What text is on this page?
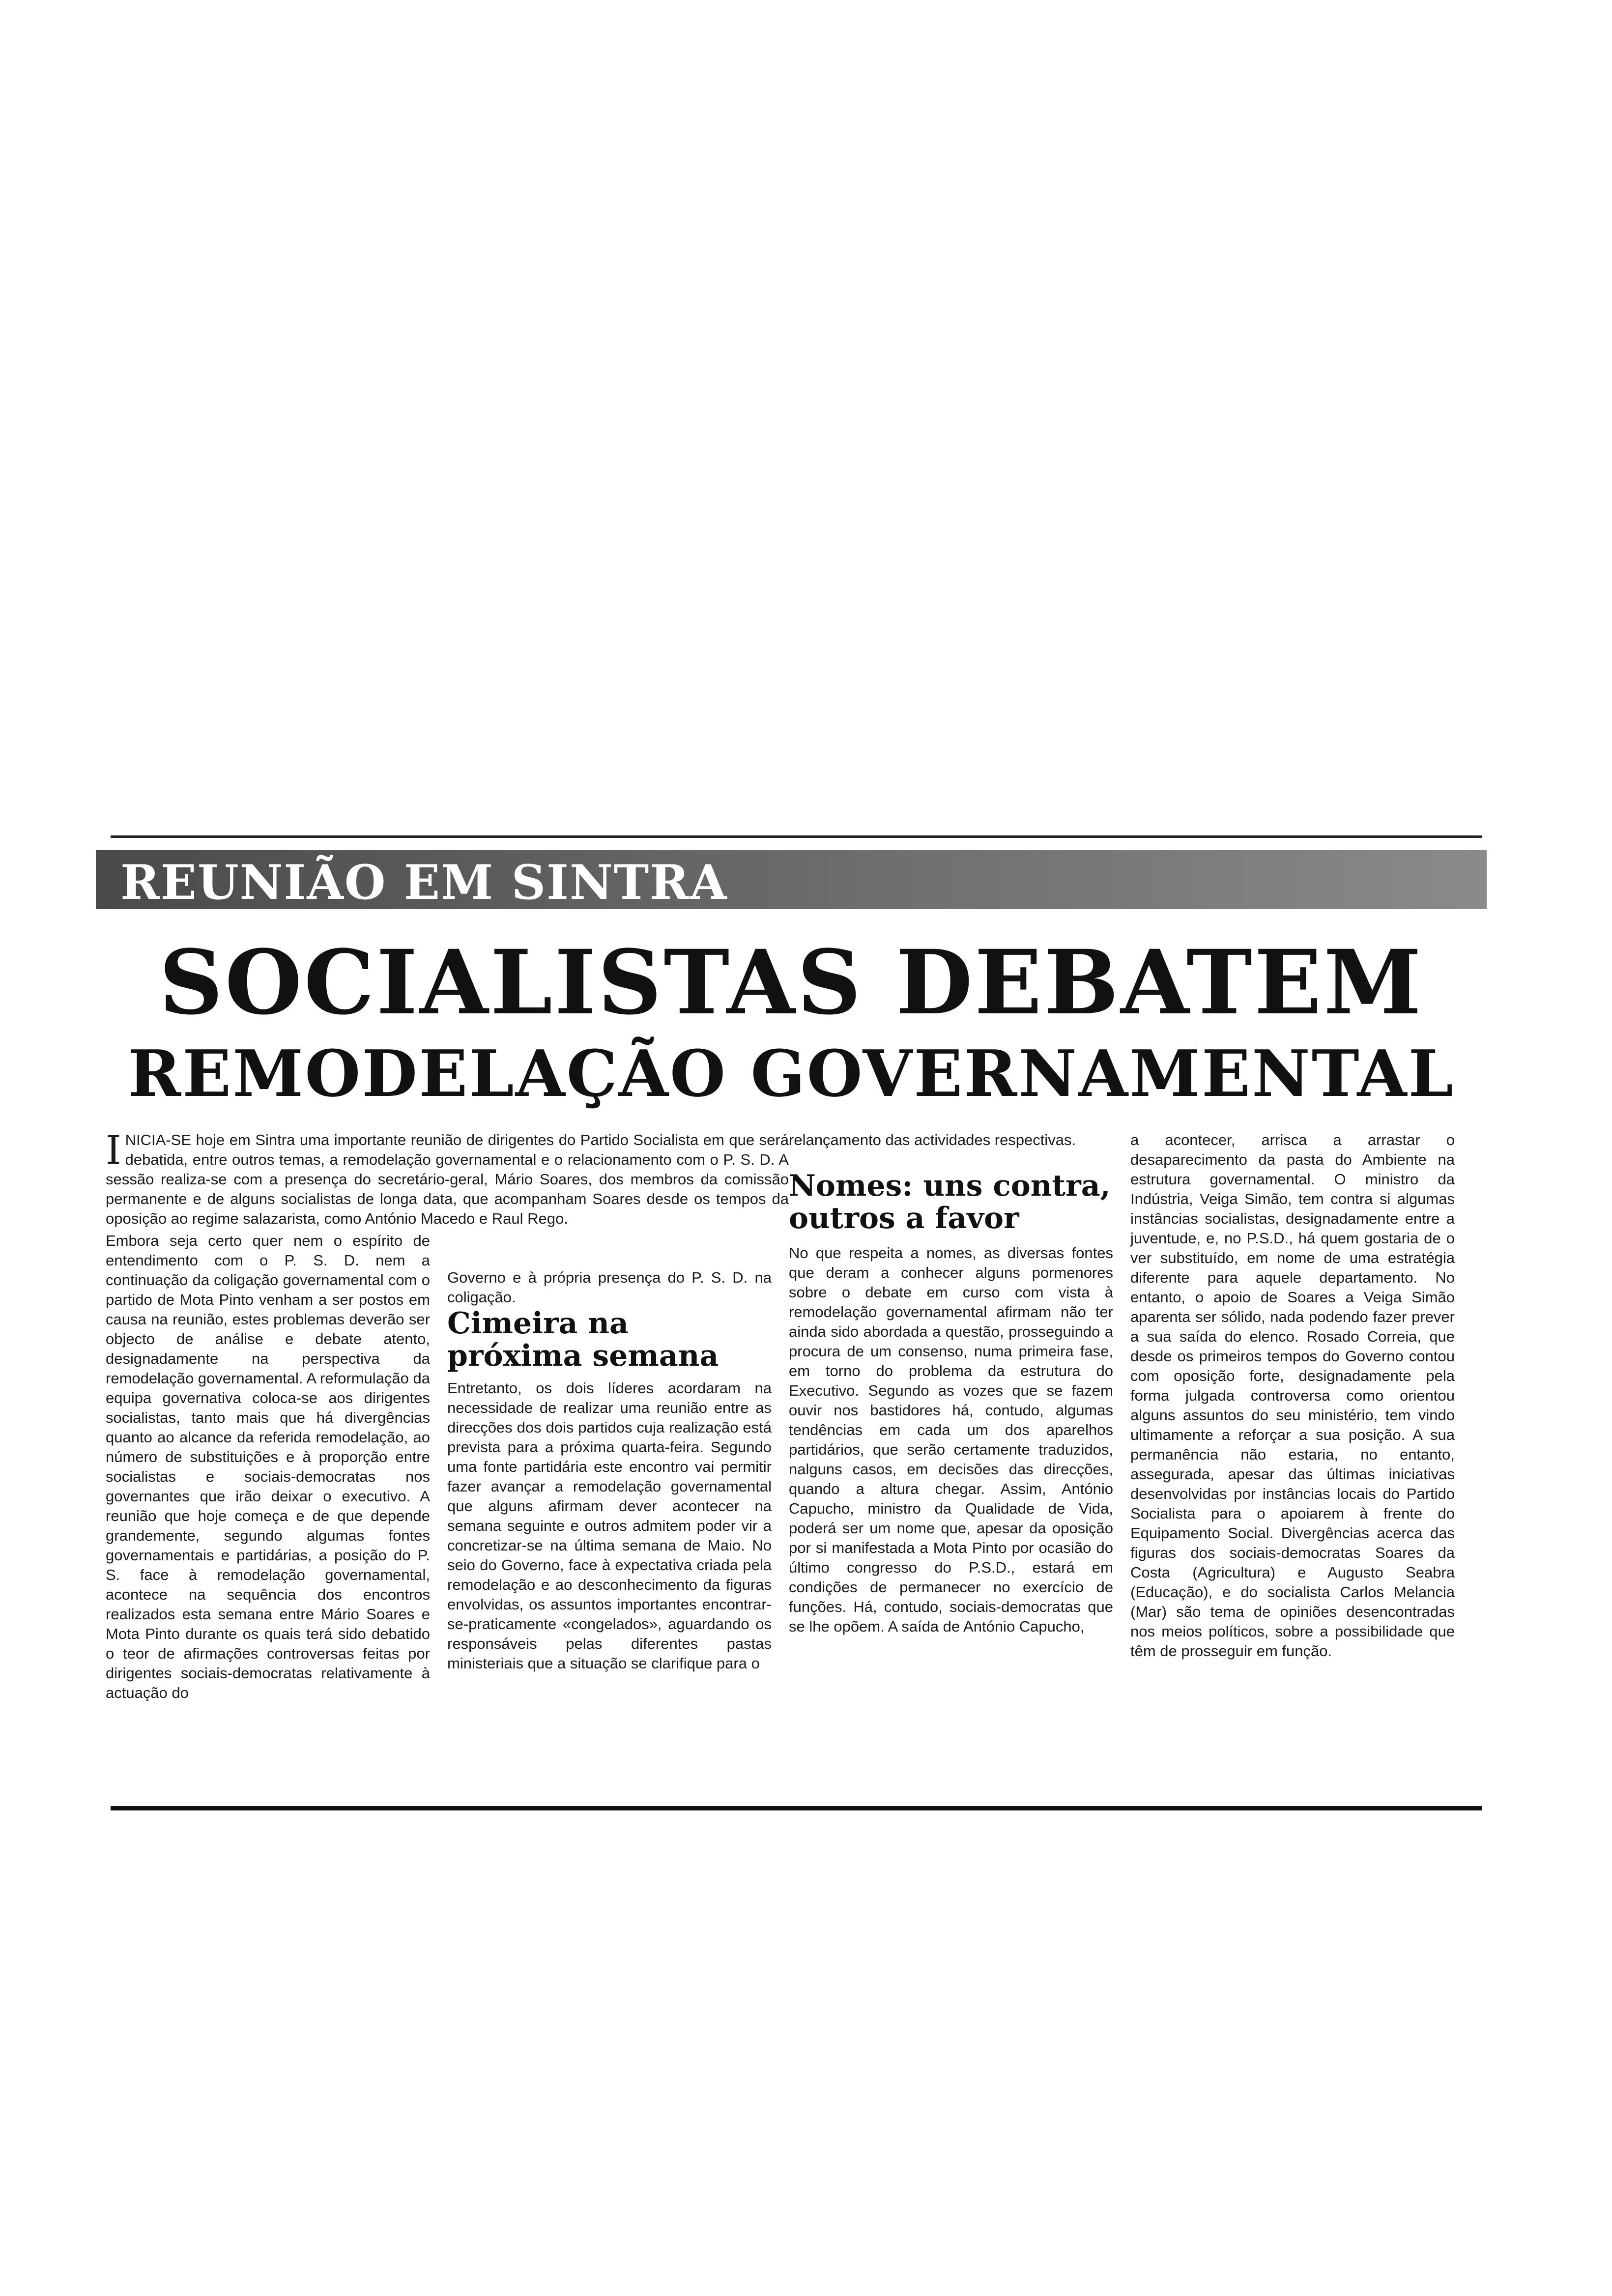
REUNIÃO EM SINTRA
SOCIALISTAS DEBATEM
REMODELAÇÃO GOVERNAMENTAL

I NICIA-SE hoje em Sintra uma importante reunião de dirigentes do Partido Socialista em que será debatida, entre outros temas, a remodelação governamental e o relacionamento com o P. S. D. A sessão realiza-se com a presença do secretário-geral, Mário Soares, dos membros da comissão permanente e de alguns socialistas de longa data, que acompanham Soares desde os tempos da oposição ao regime salazarista, como António Macedo e Raul Rego.

Embora seja certo quer nem o espírito de entendimento com o P. S. D. nem a continuação da coligação governamental com o partido de Mota Pinto venham a ser postos em causa na reunião, estes problemas deverão ser objecto de análise e debate atento, designadamente na perspectiva da remodelação governamental. A reformulação da equipa governativa coloca-se aos dirigentes socialistas, tanto mais que há divergências quanto ao alcance da referida remodelação, ao número de substituições e à proporção entre socialistas e sociais-democratas nos governantes que irão deixar o executivo. A reunião que hoje começa e de que depende grandemente, segundo algumas fontes governamentais e partidárias, a posição do P. S. face à remodelação governamental, acontece na sequência dos encontros realizados esta semana entre Mário Soares e Mota Pinto durante os quais terá sido debatido o teor de afirmações controversas feitas por dirigentes sociais-democratas relativamente à actuação do

Governo e à própria presença do P. S. D. na coligação.

Cimeira na próxima semana

Entretanto, os dois líderes acordaram na necessidade de realizar uma reunião entre as direcções dos dois partidos cuja realização está prevista para a próxima quarta-feira. Segundo uma fonte partidária este encontro vai permitir fazer avançar a remodelação governamental que alguns afirmam dever acontecer na semana seguinte e outros admitem poder vir a concretizar-se na última semana de Maio. No seio do Governo, face à expectativa criada pela remodelação e ao desconhecimento da figuras envolvidas, os assuntos importantes encontrar-se-praticamente «congelados», aguardando os responsáveis pelas diferentes pastas ministeriais que a situação se clarifique para o

relançamento das actividades respectivas.

Nomes: uns contra, outros a favor

No que respeita a nomes, as diversas fontes que deram a conhecer alguns pormenores sobre o debate em curso com vista à remodelação governamental afirmam não ter ainda sido abordada a questão, prosseguindo a procura de um consenso, numa primeira fase, em torno do problema da estrutura do Executivo. Segundo as vozes que se fazem ouvir nos bastidores há, contudo, algumas tendências em cada um dos aparelhos partidários, que serão certamente traduzidos, nalguns casos, em decisões das direcções, quando a altura chegar. Assim, António Capucho, ministro da Qualidade de Vida, poderá ser um nome que, apesar da oposição por si manifestada a Mota Pinto por ocasião do último congresso do P.S.D., estará em condições de permanecer no exercício de funções. Há, contudo, sociais-democratas que se lhe opõem. A saída de António Capucho,

a acontecer, arrisca a arrastar o desaparecimento da pasta do Ambiente na estrutura governamental. O ministro da Indústria, Veiga Simão, tem contra si algumas instâncias socialistas, designadamente entre a juventude, e, no P.S.D., há quem gostaria de o ver substituído, em nome de uma estratégia diferente para aquele departamento. No entanto, o apoio de Soares a Veiga Simão aparenta ser sólido, nada podendo fazer prever a sua saída do elenco. Rosado Correia, que desde os primeiros tempos do Governo contou com oposição forte, designadamente pela forma julgada controversa como orientou alguns assuntos do seu ministério, tem vindo ultimamente a reforçar a sua posição. A sua permanência não estaria, no entanto, assegurada, apesar das últimas iniciativas desenvolvidas por instâncias locais do Partido Socialista para o apoiarem à frente do Equipamento Social. Divergências acerca das figuras dos sociais-democratas Soares da Costa (Agricultura) e Augusto Seabra (Educação), e do socialista Carlos Melancia (Mar) são tema de opiniões desencontradas nos meios políticos, sobre a possibilidade que têm de prosseguir em função.
